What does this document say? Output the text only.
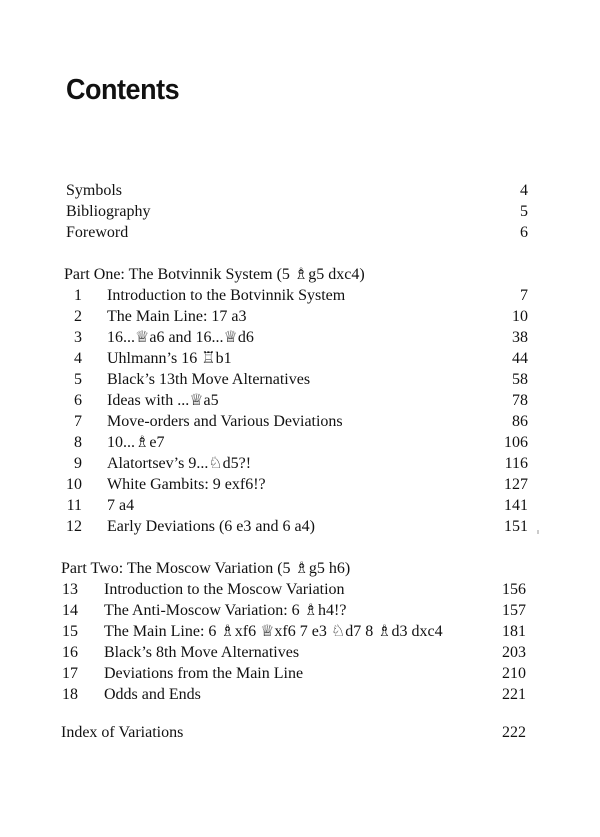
Contents
Symbols	4
Bibliography	5
Foreword	6
Part One: The Botvinnik System (5 ♗g5 dxc4)
1 Introduction to the Botvinnik System	7
2 The Main Line: 17 a3	10
3 16...♕a6 and 16...♕d6	38
4 Uhlmann’s 16 ♖b1	44
5 Black’s 13th Move Alternatives	58
6 Ideas with ...♕a5	78
7 Move-orders and Various Deviations	86
8 10...♗e7	106
9 Alatortsev’s 9...♘d5?!	116
10 White Gambits: 9 exf6!?	127
11 7 a4	141
12 Early Deviations (6 e3 and 6 a4)	151
Part Two: The Moscow Variation (5 ♗g5 h6)
13 Introduction to the Moscow Variation	156
14 The Anti-Moscow Variation: 6 ♗h4!?	157
15 The Main Line: 6 ♗xf6 ♕xf6 7 e3 ♘d7 8 ♗d3 dxc4	181
16 Black’s 8th Move Alternatives	203
17 Deviations from the Main Line	210
18 Odds and Ends	221
Index of Variations	222
